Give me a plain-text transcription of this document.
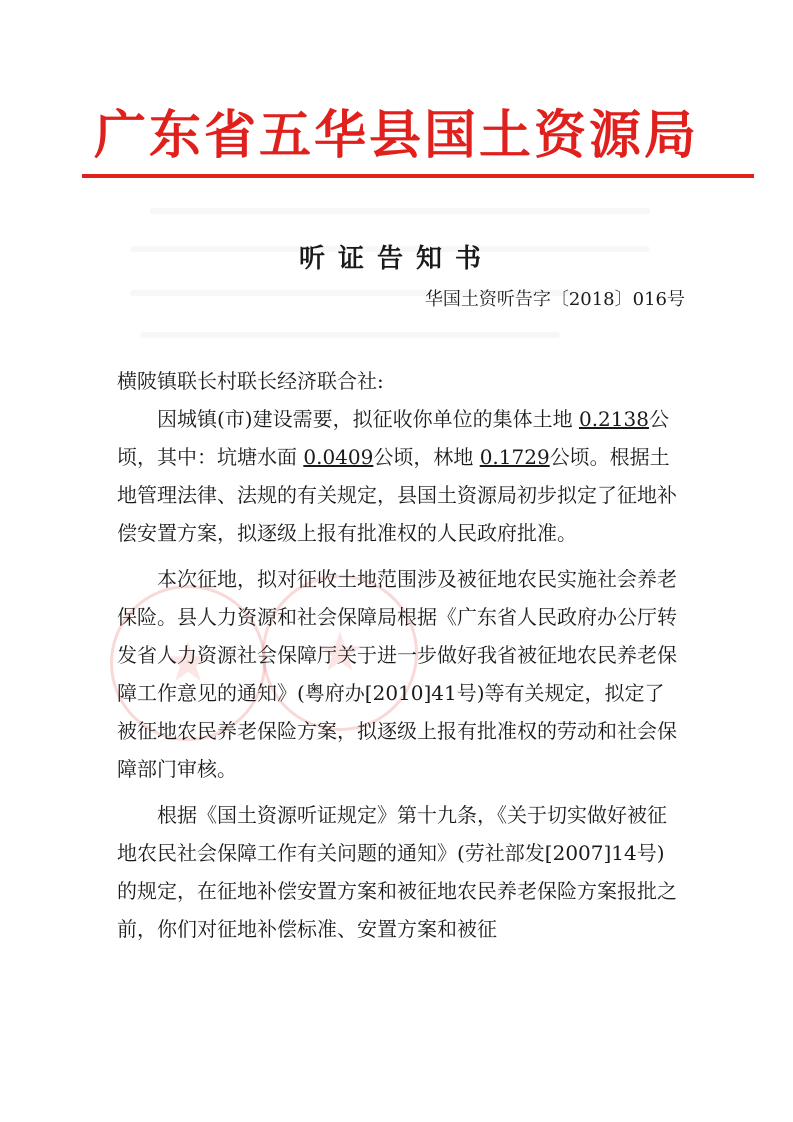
广东省五华县国土资源局
听证告知书
华国土资听告字〔2018〕016号

横陂镇联长村联长经济联合社:

因城镇(市)建设需要，拟征收你单位的集体土地 0.2138公顷，其中：坑塘水面 0.0409公顷，林地 0.1729公顷。根据土地管理法律、法规的有关规定，县国土资源局初步拟定了征地补偿安置方案，拟逐级上报有批准权的人民政府批准。

本次征地，拟对征收土地范围涉及被征地农民实施社会养老保险。县人力资源和社会保障局根据《广东省人民政府办公厅转发省人力资源社会保障厅关于进一步做好我省被征地农民养老保障工作意见的通知》(粤府办[2010]41号)等有关规定，拟定了被征地农民养老保险方案，拟逐级上报有批准权的劳动和社会保障部门审核。

根据《国土资源听证规定》第十九条，《关于切实做好被征地农民社会保障工作有关问题的通知》(劳社部发[2007]14号)的规定，在征地补偿安置方案和被征地农民养老保险方案报批之前，你们对征地补偿标准、安置方案和被征
